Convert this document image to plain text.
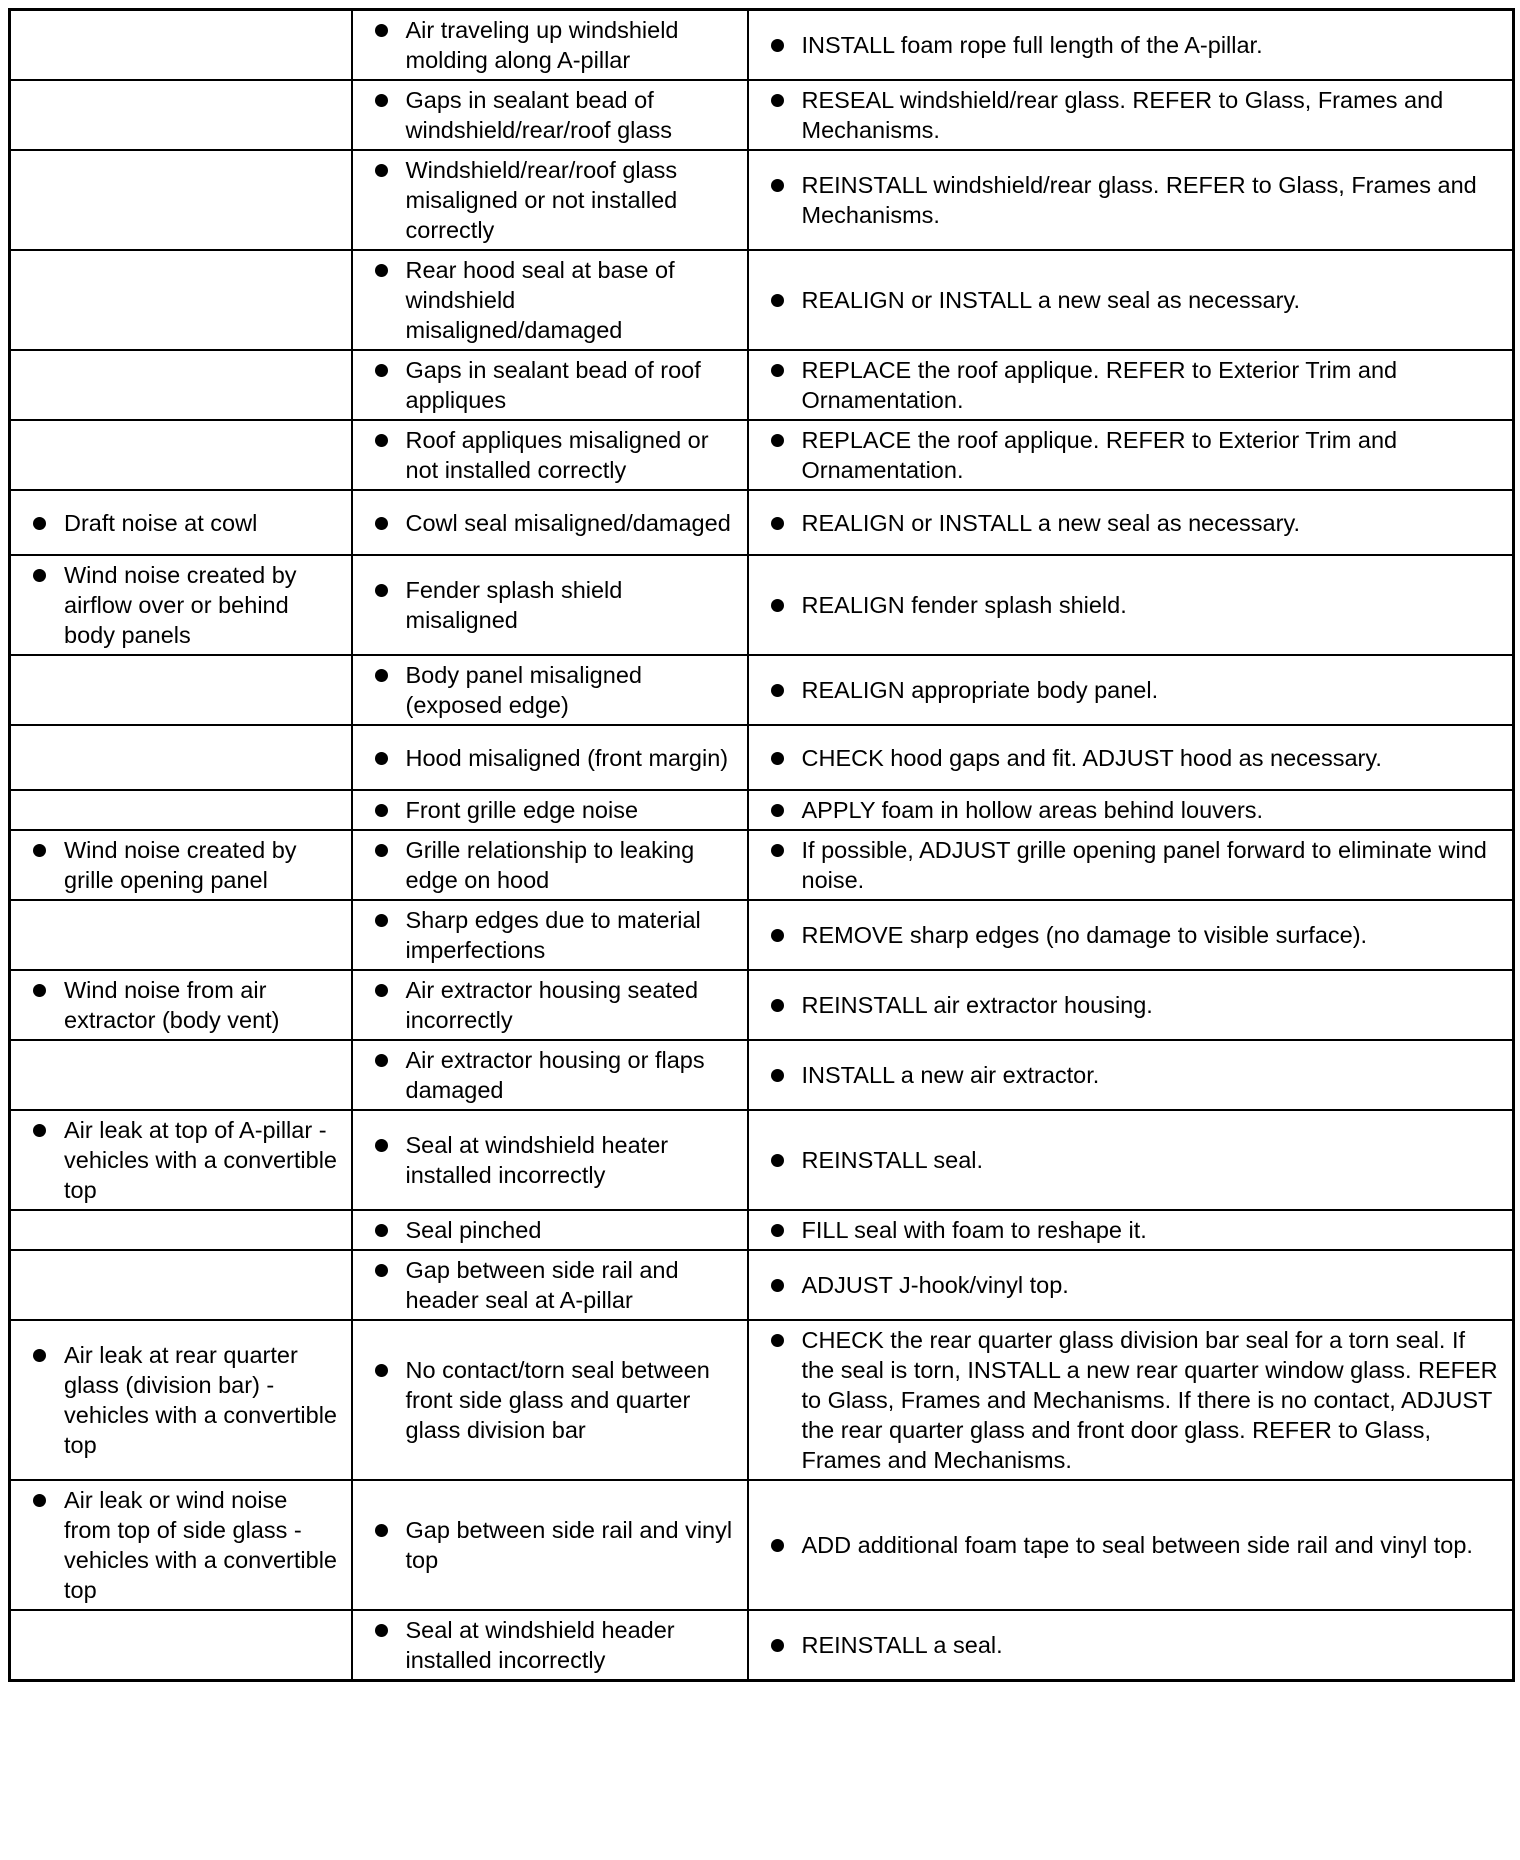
	Air traveling up windshield molding along A-pillar	INSTALL foam rope full length of the A-pillar.

	Gaps in sealant bead of windshield/rear/roof glass	RESEAL windshield/rear glass. REFER to Glass, Frames and Mechanisms.

	Windshield/rear/roof glass misaligned or not installed correctly	REINSTALL windshield/rear glass. REFER to Glass, Frames and Mechanisms.

	Rear hood seal at base of windshield misaligned/damaged	REALIGN or INSTALL a new seal as necessary.

	Gaps in sealant bead of roof appliques	REPLACE the roof applique. REFER to Exterior Trim and Ornamentation.

	Roof appliques misaligned or not installed correctly	REPLACE the roof applique. REFER to Exterior Trim and Ornamentation.

Draft noise at cowl	Cowl seal misaligned/damaged	REALIGN or INSTALL a new seal as necessary.

Wind noise created by airflow over or behind body panels	Fender splash shield misaligned	REALIGN fender splash shield.

	Body panel misaligned (exposed edge)	REALIGN appropriate body panel.

	Hood misaligned (front margin)	CHECK hood gaps and fit. ADJUST hood as necessary.

	Front grille edge noise	APPLY foam in hollow areas behind louvers.

Wind noise created by grille opening panel	Grille relationship to leaking edge on hood	If possible, ADJUST grille opening panel forward to eliminate wind noise.

	Sharp edges due to material imperfections	REMOVE sharp edges (no damage to visible surface).

Wind noise from air extractor (body vent)	Air extractor housing seated incorrectly	REINSTALL air extractor housing.

	Air extractor housing or flaps damaged	INSTALL a new air extractor.

Air leak at top of A-pillar - vehicles with a convertible top	Seal at windshield heater installed incorrectly	REINSTALL seal.

	Seal pinched	FILL seal with foam to reshape it.

	Gap between side rail and header seal at A-pillar	ADJUST J-hook/vinyl top.

Air leak at rear quarter glass (division bar) - vehicles with a convertible top	No contact/torn seal between front side glass and quarter glass division bar	CHECK the rear quarter glass division bar seal for a torn seal. If the seal is torn, INSTALL a new rear quarter window glass. REFER to Glass, Frames and Mechanisms. If there is no contact, ADJUST the rear quarter glass and front door glass. REFER to Glass, Frames and Mechanisms.

Air leak or wind noise from top of side glass - vehicles with a convertible top	Gap between side rail and vinyl top	ADD additional foam tape to seal between side rail and vinyl top.

	Seal at windshield header installed incorrectly	REINSTALL a seal.
